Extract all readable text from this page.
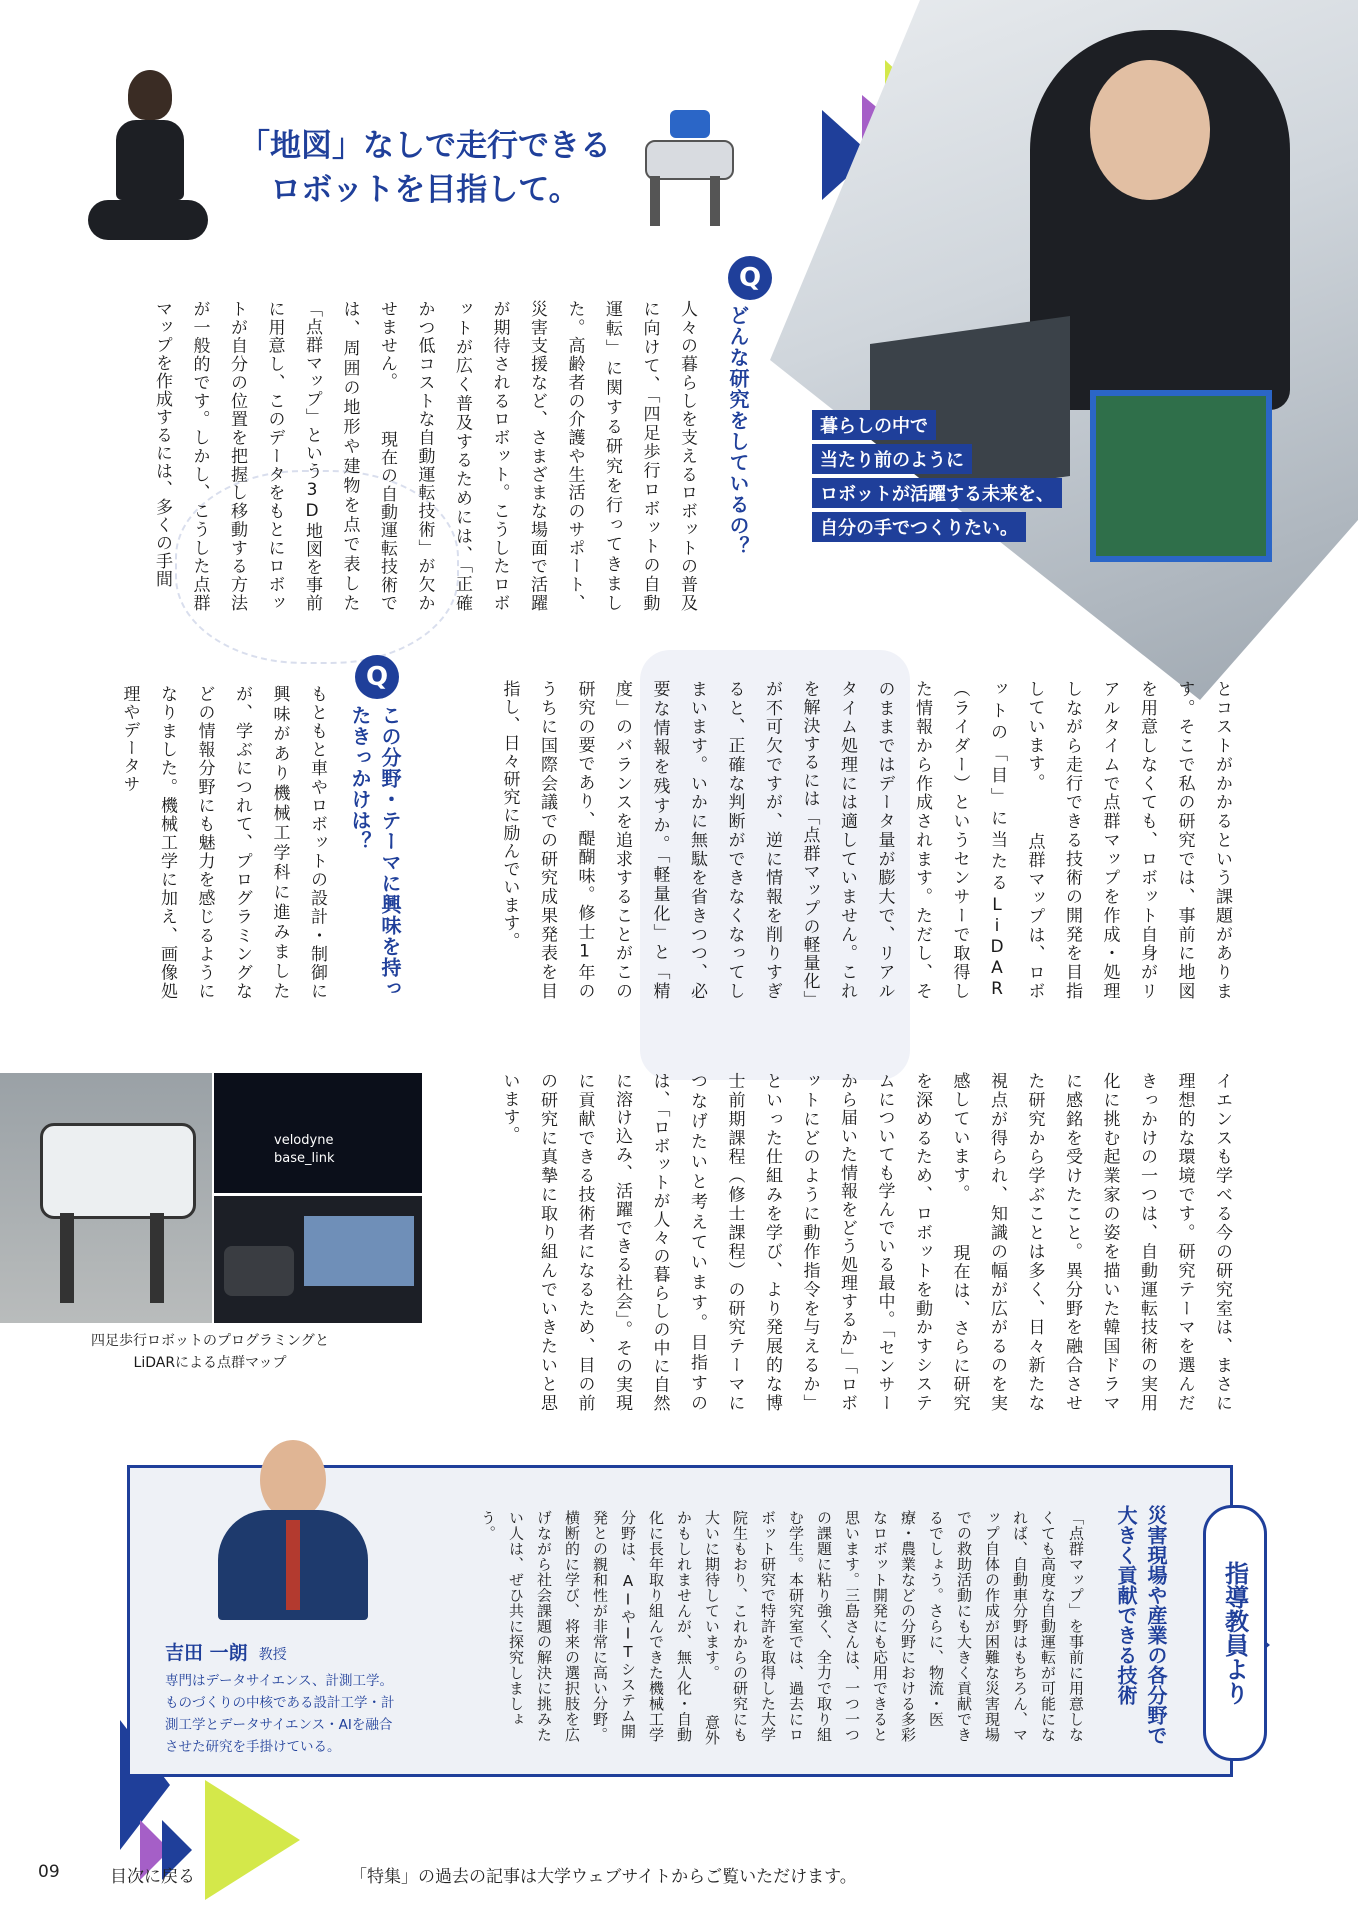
暮らしの中で
当たり前のように
ロボットが活躍する未来を、
自分の手でつくりたい。
「地図」なしで走行できる
ロボットを目指して。
Q
どんな研究をしているの？
人々の暮らしを支えるロボットの普及に向けて、「四足歩行ロボットの自動運転」に関する研究を行ってきました。高齢者の介護や生活のサポート、災害支援など、さまざまな場面で活躍が期待されるロボット。こうしたロボットが広く普及するためには、「正確かつ低コストな自動運転技術」が欠かせません。 　現在の自動運転技術では、周囲の地形や建物を点で表した「点群マップ」という3D地図を事前に用意し、このデータをもとにロボットが自分の位置を把握し移動する方法が一般的です。しかし、こうした点群マップを作成するには、多くの手間
とコストがかかるという課題があります。そこで私の研究では、事前に地図を用意しなくても、ロボット自身がリアルタイムで点群マップを作成・処理しながら走行できる技術の開発を目指しています。 　点群マップは、ロボットの「目」に当たるLiDAR（ライダー）というセンサーで取得した情報から作成されます。ただし、そのままではデータ量が膨大で、リアルタイム処理には適していません。これを解決するには「点群マップの軽量化」が不可欠ですが、逆に情報を削りすぎると、正確な判断ができなくなってしまいます。いかに無駄を省きつつ、必要な情報を残すか。「軽量化」と「精度」のバランスを追求することがこの研究の要であり、醍醐味。修士1年のうちに国際会議での研究成果発表を目指し、日々研究に励んでいます。
Q
この分野・テーマに興味を持ったきっかけは？
もともと車やロボットの設計・制御に興味があり機械工学科に進みましたが、学ぶにつれて、プログラミングなどの情報分野にも魅力を感じるようになりました。機械工学に加え、画像処理やデータサ
イエンスも学べる今の研究室は、まさに理想的な環境です。研究テーマを選んだきっかけの一つは、自動運転技術の実用化に挑む起業家の姿を描いた韓国ドラマに感銘を受けたこと。異分野を融合させた研究から学ぶことは多く、日々新たな視点が得られ、知識の幅が広がるのを実感しています。 　現在は、さらに研究を深めるため、ロボットを動かすシステムについても学んでいる最中。「センサーから届いた情報をどう処理するか」「ロボットにどのように動作指令を与えるか」といった仕組みを学び、より発展的な博士前期課程（修士課程）の研究テーマにつなげたいと考えています。目指すのは、「ロボットが人々の暮らしの中に自然に溶け込み、活躍できる社会」。その実現に貢献できる技術者になるため、目の前の研究に真摯に取り組んでいきたいと思います。
velodyne
base_link
四足歩行ロボットのプログラミングと
LiDARによる点群マップ
指導教員より
災害現場や産業の各分野で
大きく貢献できる技術
「点群マップ」を事前に用意しなくても高度な自動運転が可能になれば、自動車分野はもちろん、マップ自体の作成が困難な災害現場での救助活動にも大きく貢献できるでしょう。さらに、物流・医療・農業などの分野における多彩なロボット開発にも応用できると思います。三島さんは、一つ一つの課題に粘り強く、全力で取り組む学生。本研究室では、過去にロボット研究で特許を取得した大学院生もおり、これからの研究にも大いに期待しています。 　意外かもしれませんが、無人化・自動化に長年取り組んできた機械工学分野は、AIやITシステム開発との親和性が非常に高い分野。横断的に学び、将来の選択肢を広げながら社会課題の解決に挑みたい人は、ぜひ共に探究しましょう。
吉田 一朗 教授
専門はデータサイエンス、計測工学。ものづくりの中核である設計工学・計測工学とデータサイエンス・AIを融合させた研究を手掛けている。
09	目次に戻る	「特集」の過去の記事は大学ウェブサイトからご覧いただけます。
